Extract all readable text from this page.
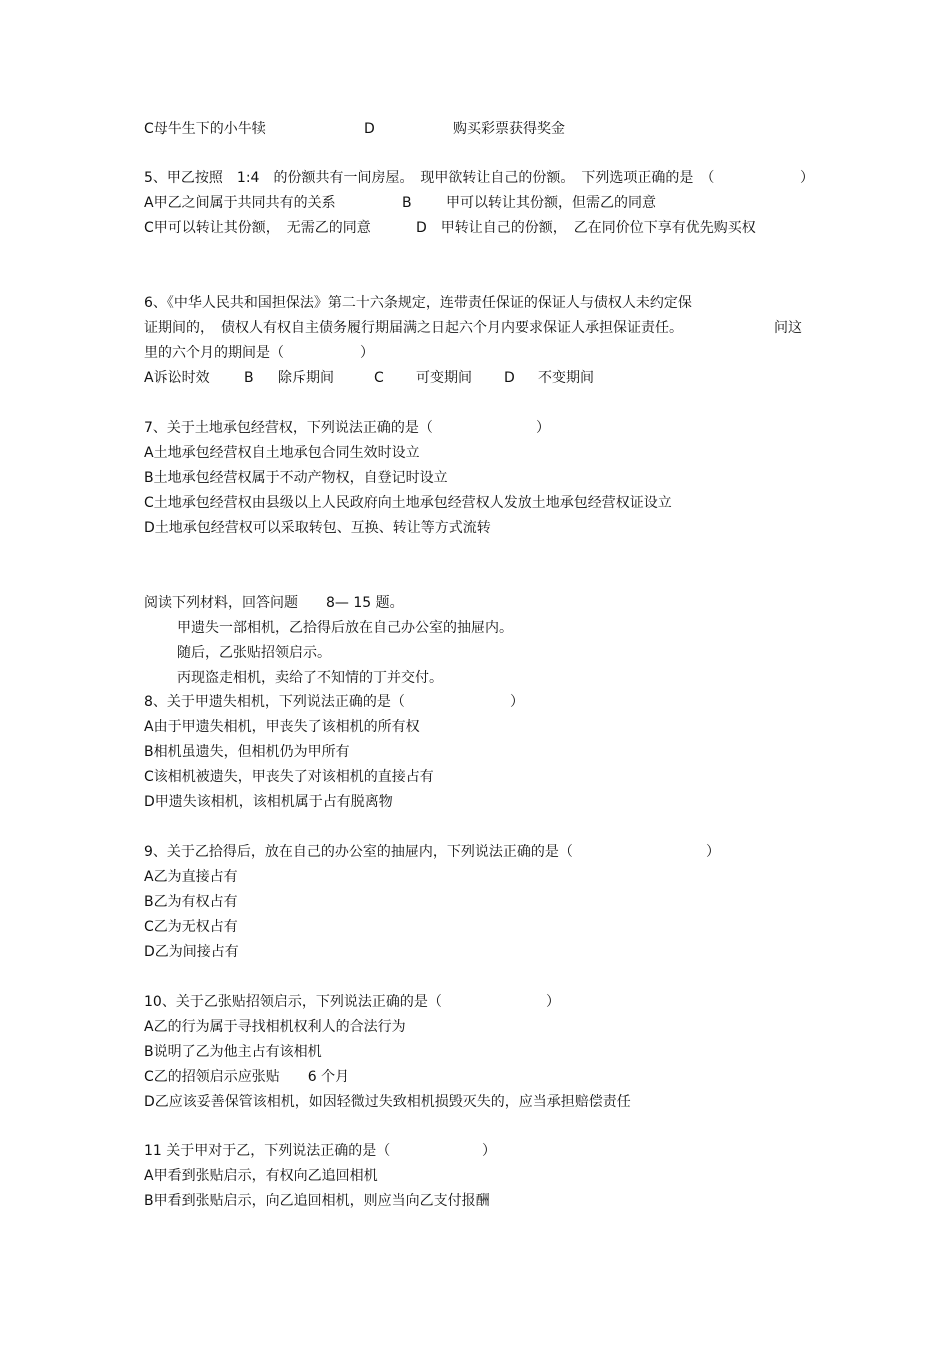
C母牛生下的小牛犊	D	购买彩票获得奖金
5、甲乙按照　1:4　的份额共有一间房屋。　现甲欲转让自己的份额。　下列选项正确的是　（	）
A甲乙之间属于共同共有的关系	B 甲可以转让其份额，但需乙的同意
C甲可以转让其份额，　无需乙的同意	D　甲转让自己的份额，　乙在同价位下享有优先购买权
6、《中华人民共和国担保法》第二十六条规定，连带责任保证的保证人与债权人未约定保
证期间的，　债权人有权自主债务履行期届满之日起六个月内要求保证人承担保证责任。	问这
里的六个月的期间是（	）
A诉讼时效 B 除斥期间	C 可变期间 D 不变期间
7、关于土地承包经营权，下列说法正确的是（	）
A土地承包经营权自土地承包合同生效时设立
B土地承包经营权属于不动产物权，自登记时设立
C土地承包经营权由县级以上人民政府向土地承包经营权人发放土地承包经营权证设立
D土地承包经营权可以采取转包、互换、转让等方式流转
阅读下列材料，回答问题　　8— 15 题。
甲遗失一部相机，乙拾得后放在自己办公室的抽屉内。
随后，乙张贴招领启示。
丙现盗走相机，卖给了不知情的丁并交付。
8、关于甲遗失相机，下列说法正确的是（	）
A由于甲遗失相机，甲丧失了该相机的所有权
B相机虽遗失，但相机仍为甲所有
C该相机被遗失，甲丧失了对该相机的直接占有
D甲遗失该相机，该相机属于占有脱离物
9、关于乙拾得后，放在自己的办公室的抽屉内，下列说法正确的是（	）
A乙为直接占有
B乙为有权占有
C乙为无权占有
D乙为间接占有
10、关于乙张贴招领启示，下列说法正确的是（	）
A乙的行为属于寻找相机权利人的合法行为
B说明了乙为他主占有该相机
C乙的招领启示应张贴　　6 个月
D乙应该妥善保管该相机，如因轻微过失致相机损毁灭失的，应当承担赔偿责任
11 关于甲对于乙，下列说法正确的是（	）
A甲看到张贴启示，有权向乙追回相机
B甲看到张贴启示，向乙追回相机，则应当向乙支付报酬
